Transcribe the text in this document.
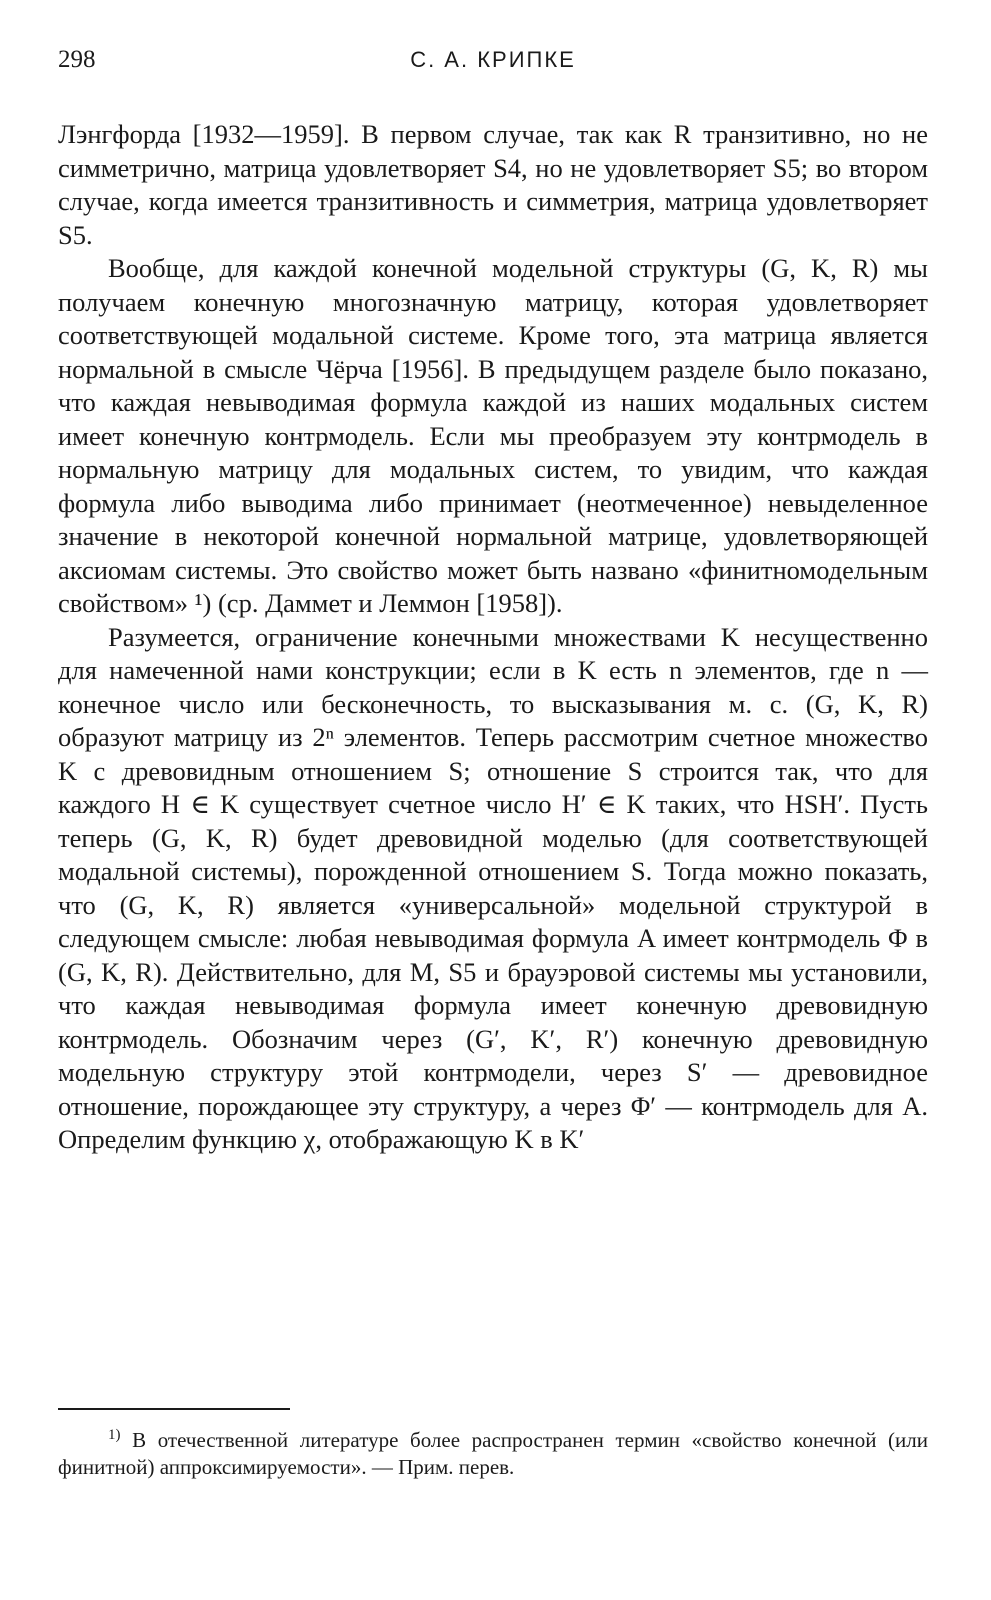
298	С. А. КРИПКЕ

Лэнгфорда [1932—1959]. В первом случае, так как R транзитивно, но не симметрично, матрица удовлетворяет S4, но не удовлетворяет S5; во втором случае, когда имеется транзитивность и симметрия, матрица удовлетворяет S5.

Вообще, для каждой конечной модельной структуры (G, K, R) мы получаем конечную многозначную матрицу, которая удовлетворяет соответствующей модальной системе. Кроме того, эта матрица является нормальной в смысле Чёрча [1956]. В предыдущем разделе было показано, что каждая невыводимая формула каждой из наших модальных систем имеет конечную контрмодель. Если мы преобразуем эту контрмодель в нормальную матрицу для модальных систем, то увидим, что каждая формула либо выводима либо принимает (неотмеченное) невыделенное значение в некоторой конечной нормальной матрице, удовлетворяющей аксиомам системы. Это свойство может быть названо «финитномодельным свойством» ¹) (ср. Даммет и Леммон [1958]).

Разумеется, ограничение конечными множествами K несущественно для намеченной нами конструкции; если в K есть n элементов, где n — конечное число или бесконечность, то высказывания м. с. (G, K, R) образуют матрицу из 2ⁿ элементов. Теперь рассмотрим счетное множество K с древовидным отношением S; отношение S строится так, что для каждого H ∈ K существует счетное число H′ ∈ K таких, что HSH′. Пусть теперь (G, K, R) будет древовидной моделью (для соответствующей модальной системы), порожденной отношением S. Тогда можно показать, что (G, K, R) является «универсальной» модельной структурой в следующем смысле: любая невыводимая формула A имеет контрмодель Φ в (G, K, R). Действительно, для M, S5 и брауэровой системы мы установили, что каждая невыводимая формула имеет конечную древовидную контрмодель. Обозначим через (G′, K′, R′) конечную древовидную модельную структуру этой контрмодели, через S′ — древовидное отношение, порождающее эту структуру, а через Φ′ — контрмодель для A. Определим функцию χ, отображающую K в K′

$^{1)}$ В отечественной литературе более распространен термин «свойство конечной (или финитной) аппроксимируемости». — Прим. перев.
